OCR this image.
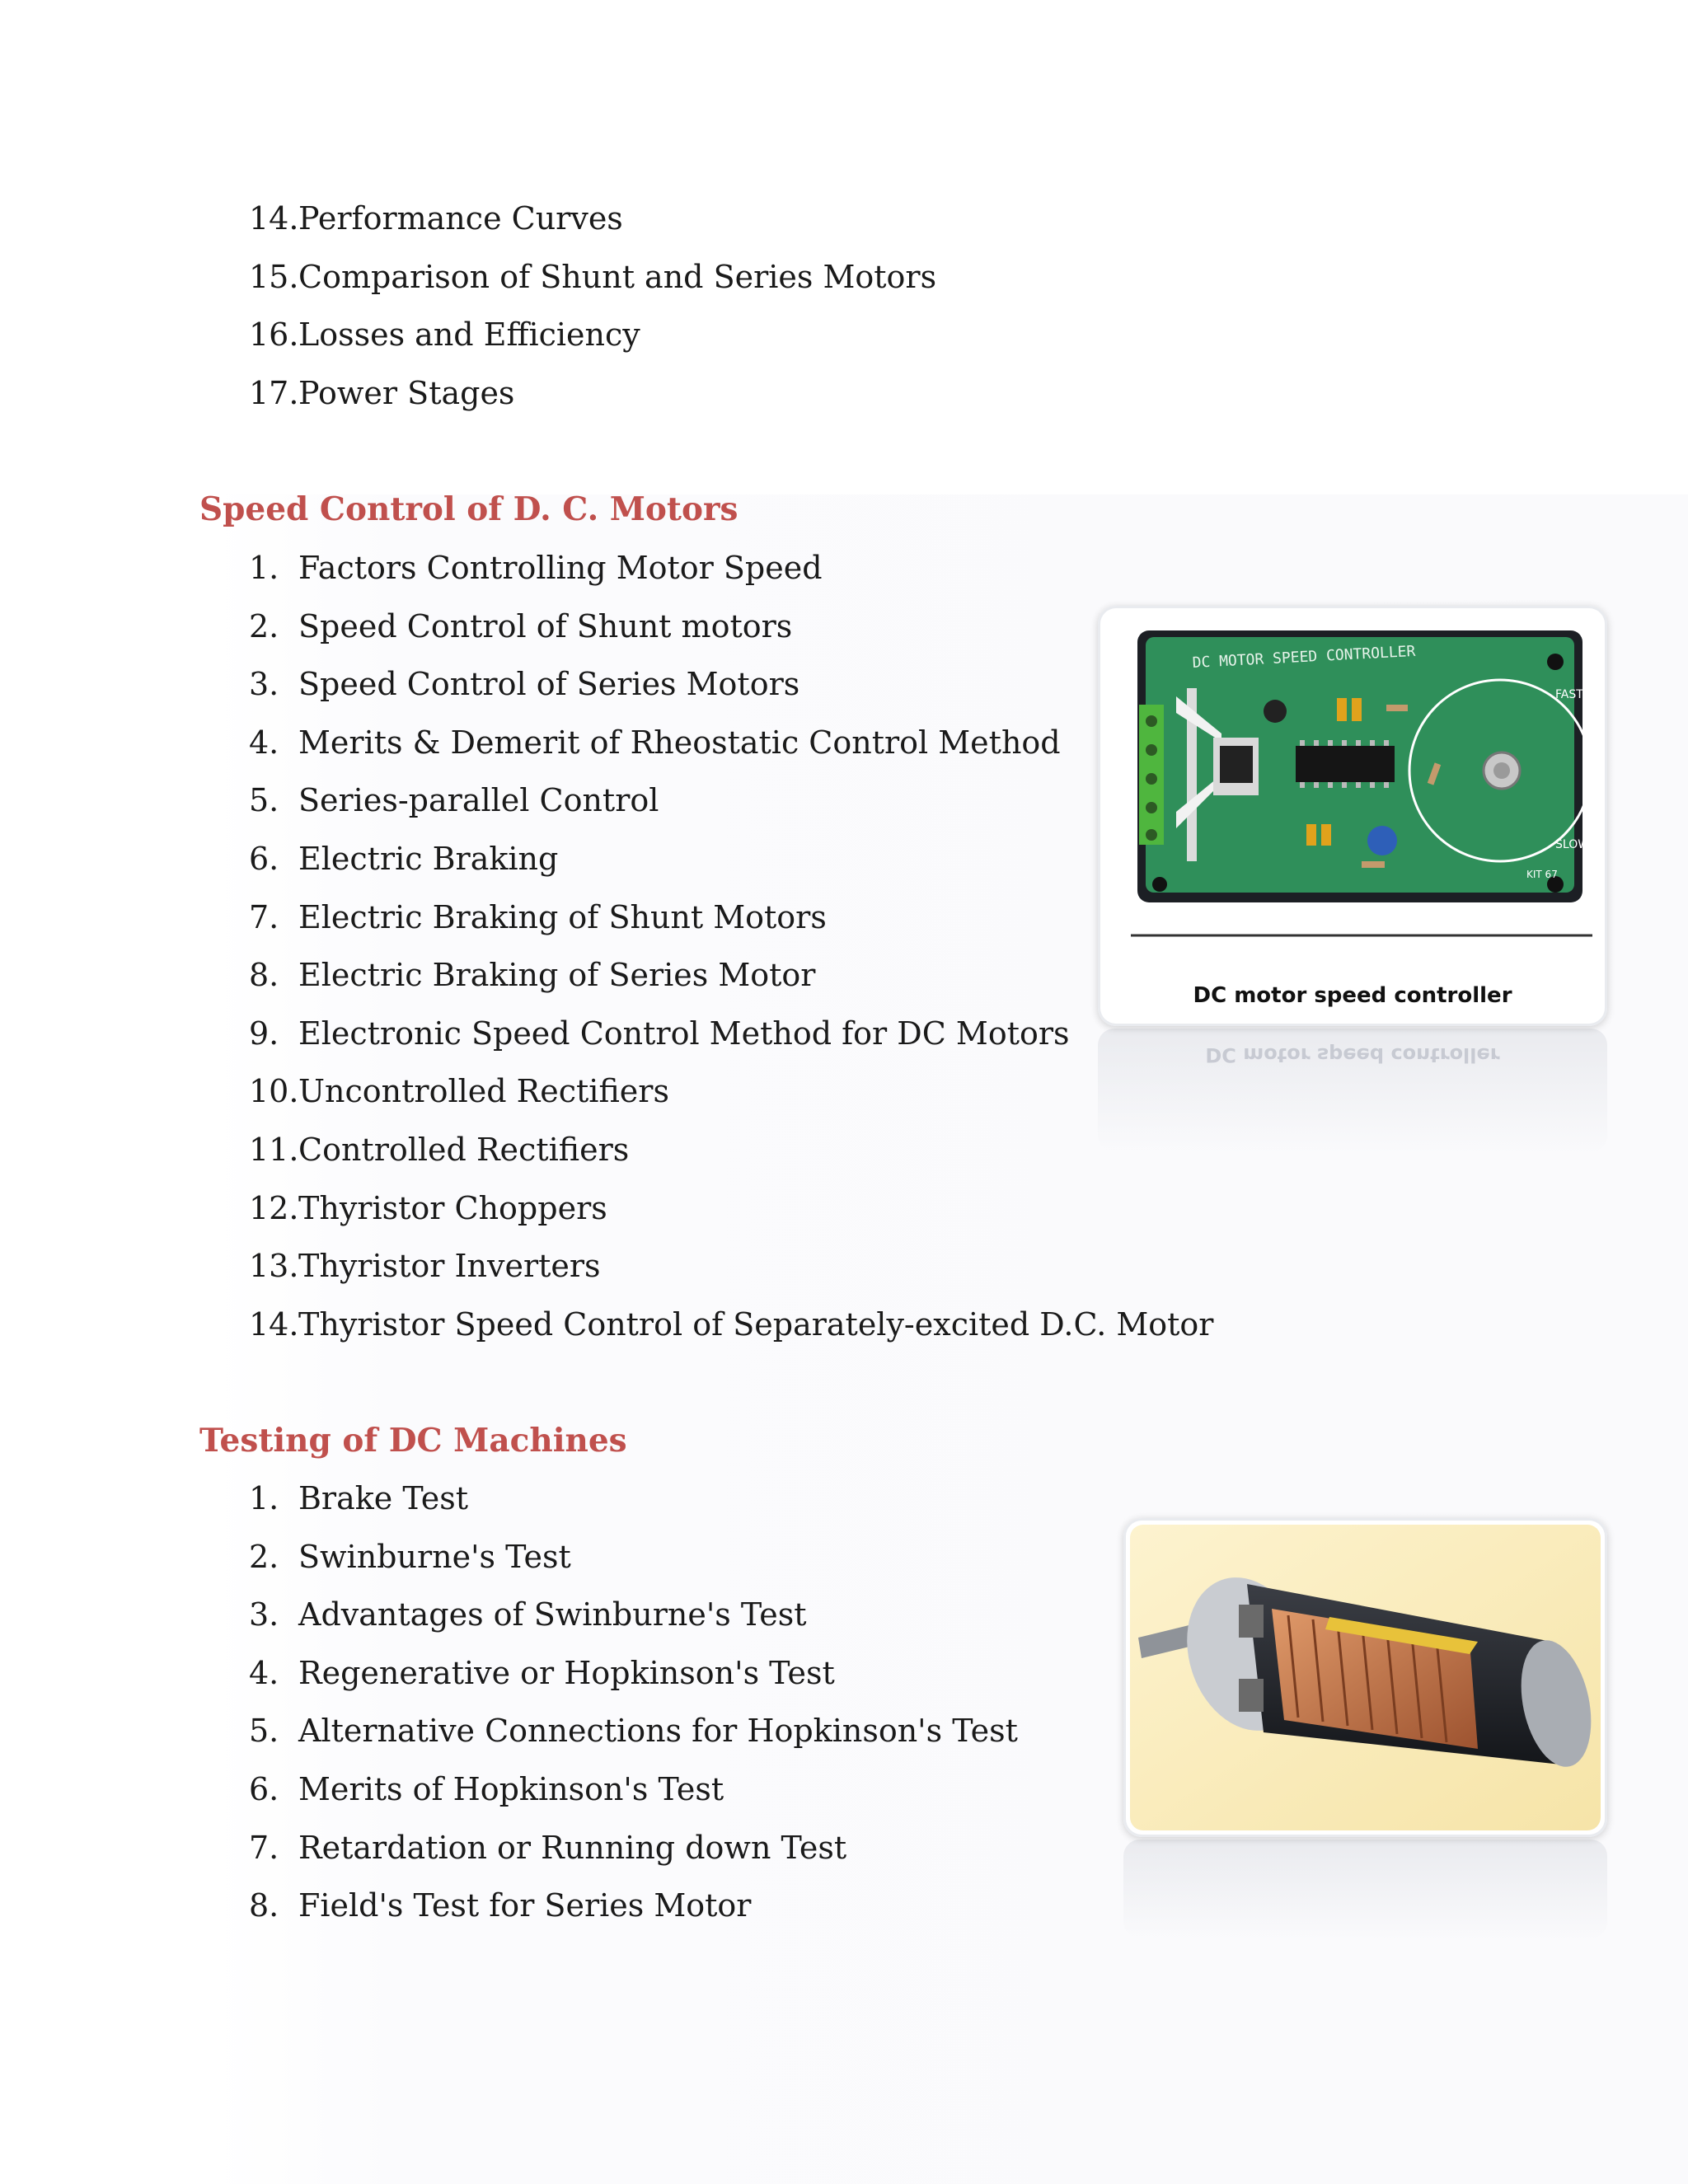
14. Performance Curves
15. Comparison of Shunt and Series Motors
16. Losses and Efficiency
17. Power Stages
Speed Control of D. C. Motors
1. Factors Controlling Motor Speed
2. Speed Control of Shunt motors
3. Speed Control of Series Motors
4. Merits & Demerit of Rheostatic Control Method
5. Series-parallel Control
6. Electric Braking
7. Electric Braking of Shunt Motors
8. Electric Braking of Series Motor
9. Electronic Speed Control Method for DC Motors
10. Uncontrolled Rectifiers
11. Controlled Rectifiers
12. Thyristor Choppers
13. Thyristor Inverters
14. Thyristor Speed Control of Separately-excited D.C. Motor
Testing of DC Machines
1. Brake Test
2. Swinburne's Test
3. Advantages of Swinburne's Test
4. Regenerative or Hopkinson's Test
5. Alternative Connections for Hopkinson's Test
6. Merits of Hopkinson's Test
7. Retardation or Running down Test
8. Field's Test for Series Motor
DC motor speed controller
DC MOTOR SPEED CONTROLLER
FASTER
SLOWER
KIT 67
DC motor speed controller
